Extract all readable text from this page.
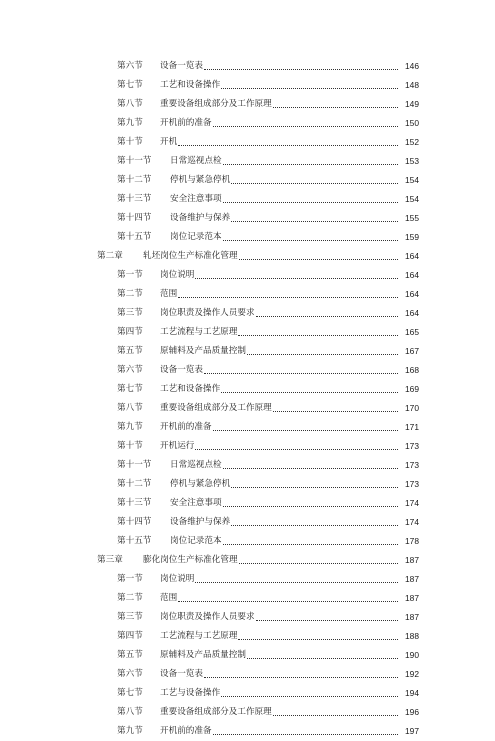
第六节 设备一览表	146
第七节 工艺和设备操作	148
第八节 重要设备组成部分及工作原理	149
第九节 开机前的准备	150
第十节 开机	152
第十一节 日常巡视点检	153
第十二节 停机与紧急停机	154
第十三节 安全注意事项	154
第十四节 设备维护与保养	155
第十五节 岗位记录范本	159
第二章 轧坯岗位生产标准化管理	164
第一节 岗位说明	164
第二节 范围	164
第三节 岗位职责及操作人员要求	164
第四节 工艺流程与工艺原理	165
第五节 原辅料及产品质量控制	167
第六节 设备一览表	168
第七节 工艺和设备操作	169
第八节 重要设备组成部分及工作原理	170
第九节 开机前的准备	171
第十节 开机运行	173
第十一节 日常巡视点检	173
第十二节 停机与紧急停机	173
第十三节 安全注意事项	174
第十四节 设备维护与保养	174
第十五节 岗位记录范本	178
第三章 膨化岗位生产标准化管理	187
第一节 岗位说明	187
第二节 范围	187
第三节 岗位职责及操作人员要求	187
第四节 工艺流程与工艺原理	188
第五节 原辅料及产品质量控制	190
第六节 设备一览表	192
第七节 工艺与设备操作	194
第八节 重要设备组成部分及工作原理	196
第九节 开机前的准备	197
